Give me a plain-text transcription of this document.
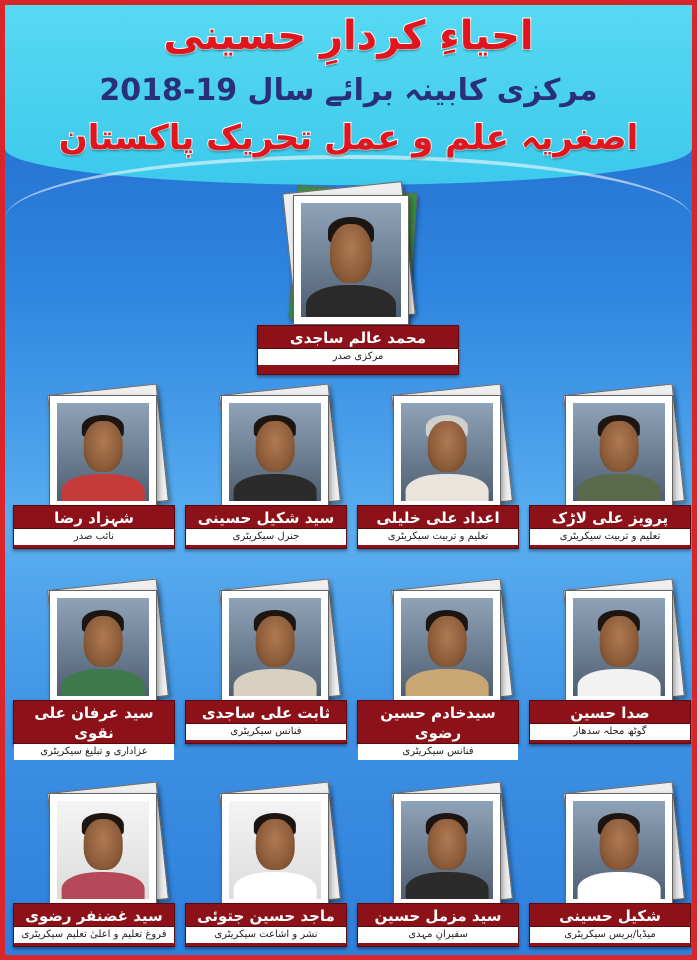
احیاءِ کردارِ حسینی
مرکزی کابینہ برائے سال 19-2018
اصغریہ علم و عمل تحریک پاکستان
محمد عالم ساجدی
مرکزی صدر
شہزاد رضا
نائب صدر
سید شکیل حسینی
جنرل سیکریٹری
اعداد علی خلیلی
تعلیم و تربیت سیکریٹری
پرویز علی لاڑک
تعلیم و تربیت سیکریٹری
سید عرفان علی نقوی
عزاداری و تبلیغ سیکریٹری
ثابت علی ساجدی
فنانس سیکریٹری
سیدخادم حسین رضوی
فنانس سیکریٹری
صدا حسین
گوٹھ محلہ سدھار
سید غضنفر رضوی
فروغ تعلیم و اعلیٰ تعلیم سیکریٹری
ماجد حسین جتوئی
نشر و اشاعت سیکریٹری
سید مزمل حسین
سفیرانِ مہدی
شکیل حسینی
میڈیا/پریس سیکریٹری
